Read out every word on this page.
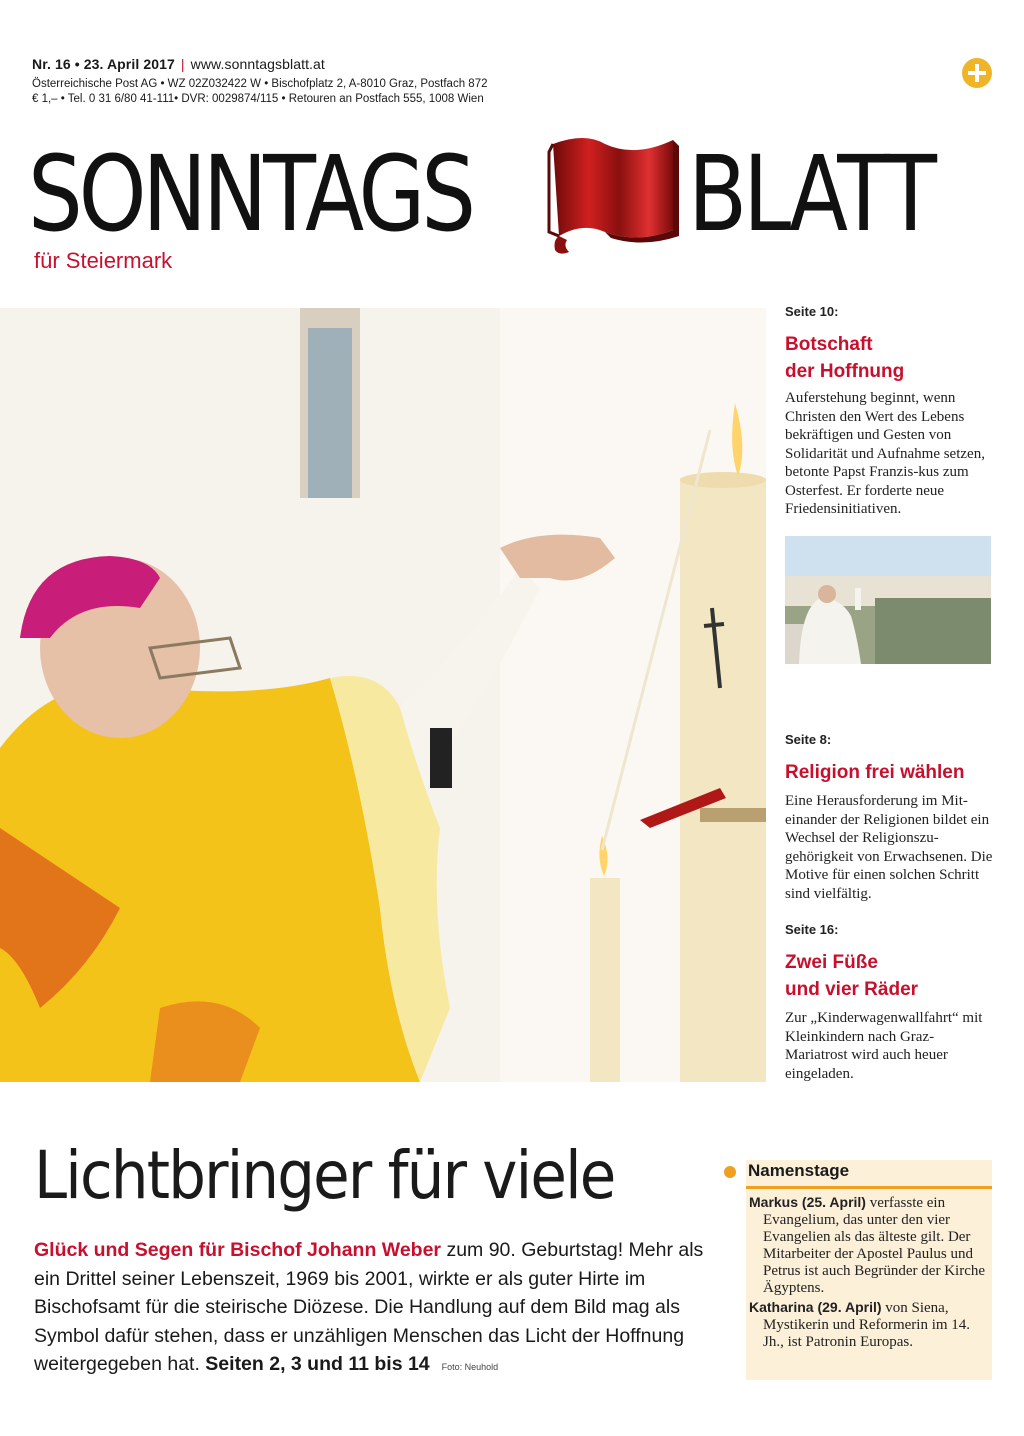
Nr. 16 • 23. April 2017 | www.sonntagsblatt.at
Österreichische Post AG • WZ 02Z032422 W • Bischofplatz 2, A-8010 Graz, Postfach 872
€ 1,– • Tel. 0 31 6/80 41-111• DVR: 0029874/115 • Retouren an Postfach 555, 1008 Wien
SONNTAGS BLATT
für Steiermark
Seite 10:
Botschaft
der Hoffnung
Auferstehung beginnt, wenn Christen den Wert des Lebens bekräftigen und Gesten von Solidarität und Aufnahme setzen, betonte Papst Franzis-kus zum Osterfest. Er forderte neue Friedensinitiativen.
Seite 8:
Religion frei wählen
Eine Herausforderung im Mit-einander der Religionen bildet ein Wechsel der Religionszu-gehörigkeit von Erwachsenen. Die Motive für einen solchen Schritt sind vielfältig.
Seite 16:
Zwei Füße
und vier Räder
Zur „Kinderwagenwallfahrt“ mit Kleinkindern nach Graz-Mariatrost wird auch heuer eingeladen.
Lichtbringer für viele
Glück und Segen für Bischof Johann Weber zum 90. Geburtstag! Mehr als ein Drittel seiner Lebenszeit, 1969 bis 2001, wirkte er als guter Hirte im Bischofsamt für die steirische Diözese. Die Handlung auf dem Bild mag als Symbol dafür stehen, dass er unzähligen Menschen das Licht der Hoffnung weitergegeben hat. Seiten 2, 3 und 11 bis 14 Foto: Neuhold
Namenstage
Markus (25. April) verfasste ein Evangelium, das unter den vier Evangelien als das älteste gilt. Der Mitarbeiter der Apostel Paulus und Petrus ist auch Begründer der Kirche Ägyptens.
Katharina (29. April) von Siena, Mystikerin und Reformerin im 14. Jh., ist Patronin Europas.
